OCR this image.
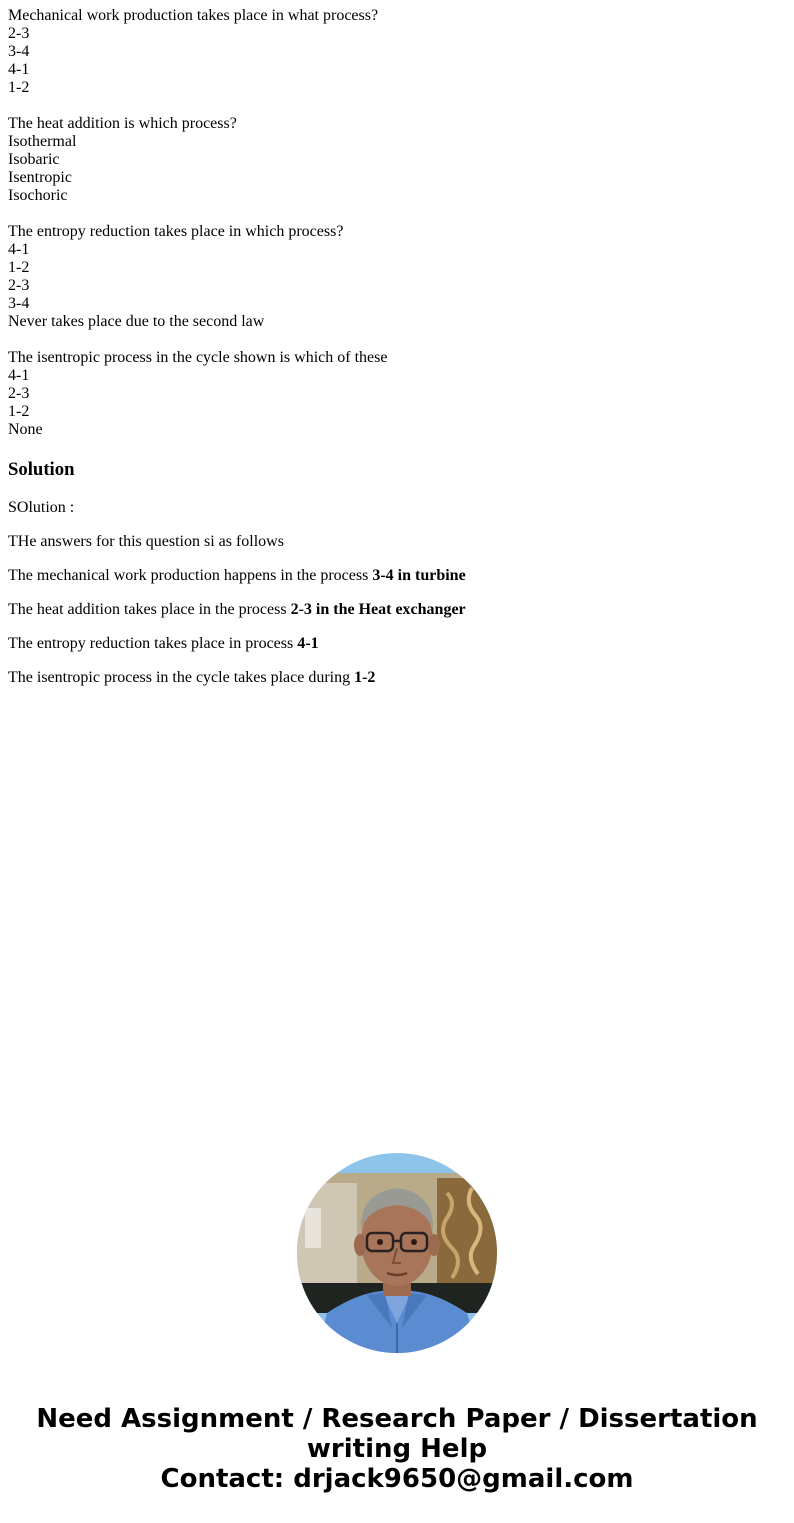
Mechanical work production takes place in what process?
2-3
3-4
4-1
1-2
The heat addition is which process?
Isothermal
Isobaric
Isentropic
Isochoric
The entropy reduction takes place in which process?
4-1
1-2
2-3
3-4
Never takes place due to the second law
The isentropic process in the cycle shown is which of these
4-1
2-3
1-2
None
Solution

SOlution :

THe answers for this question si as follows

The mechanical work production happens in the process 3-4 in turbine

The heat addition takes place in the process 2-3 in the Heat exchanger

The entropy reduction takes place in process 4-1

The isentropic process in the cycle takes place during 1-2

Need Assignment / Research Paper / Dissertation
writing Help
Contact: drjack9650@gmail.com
